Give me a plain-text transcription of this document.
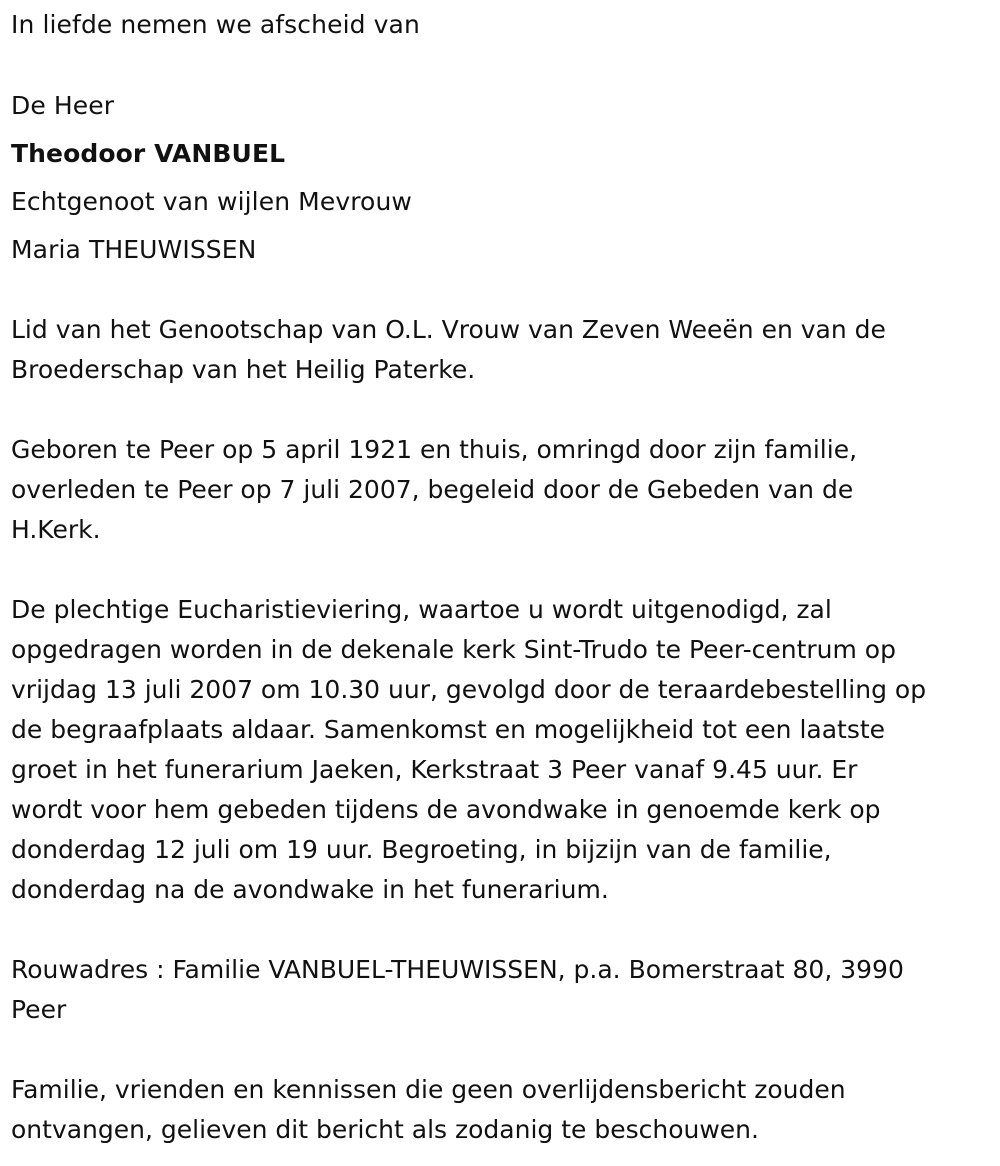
In liefde nemen we afscheid van
De Heer
Theodoor VANBUEL
Echtgenoot van wijlen Mevrouw
Maria THEUWISSEN
Lid van het Genootschap van O.L. Vrouw van Zeven Weeën en van de
Broederschap van het Heilig Paterke.
Geboren te Peer op 5 april 1921 en thuis, omringd door zijn familie,
overleden te Peer op 7 juli 2007, begeleid door de Gebeden van de
H.Kerk.
De plechtige Eucharistieviering, waartoe u wordt uitgenodigd, zal
opgedragen worden in de dekenale kerk Sint-Trudo te Peer-centrum op
vrijdag 13 juli 2007 om 10.30 uur, gevolgd door de teraardebestelling op
de begraafplaats aldaar. Samenkomst en mogelijkheid tot een laatste
groet in het funerarium Jaeken, Kerkstraat 3 Peer vanaf 9.45 uur. Er
wordt voor hem gebeden tijdens de avondwake in genoemde kerk op
donderdag 12 juli om 19 uur. Begroeting, in bijzijn van de familie,
donderdag na de avondwake in het funerarium.
Rouwadres : Familie VANBUEL-THEUWISSEN, p.a. Bomerstraat 80, 3990
Peer
Familie, vrienden en kennissen die geen overlijdensbericht zouden
ontvangen, gelieven dit bericht als zodanig te beschouwen.
